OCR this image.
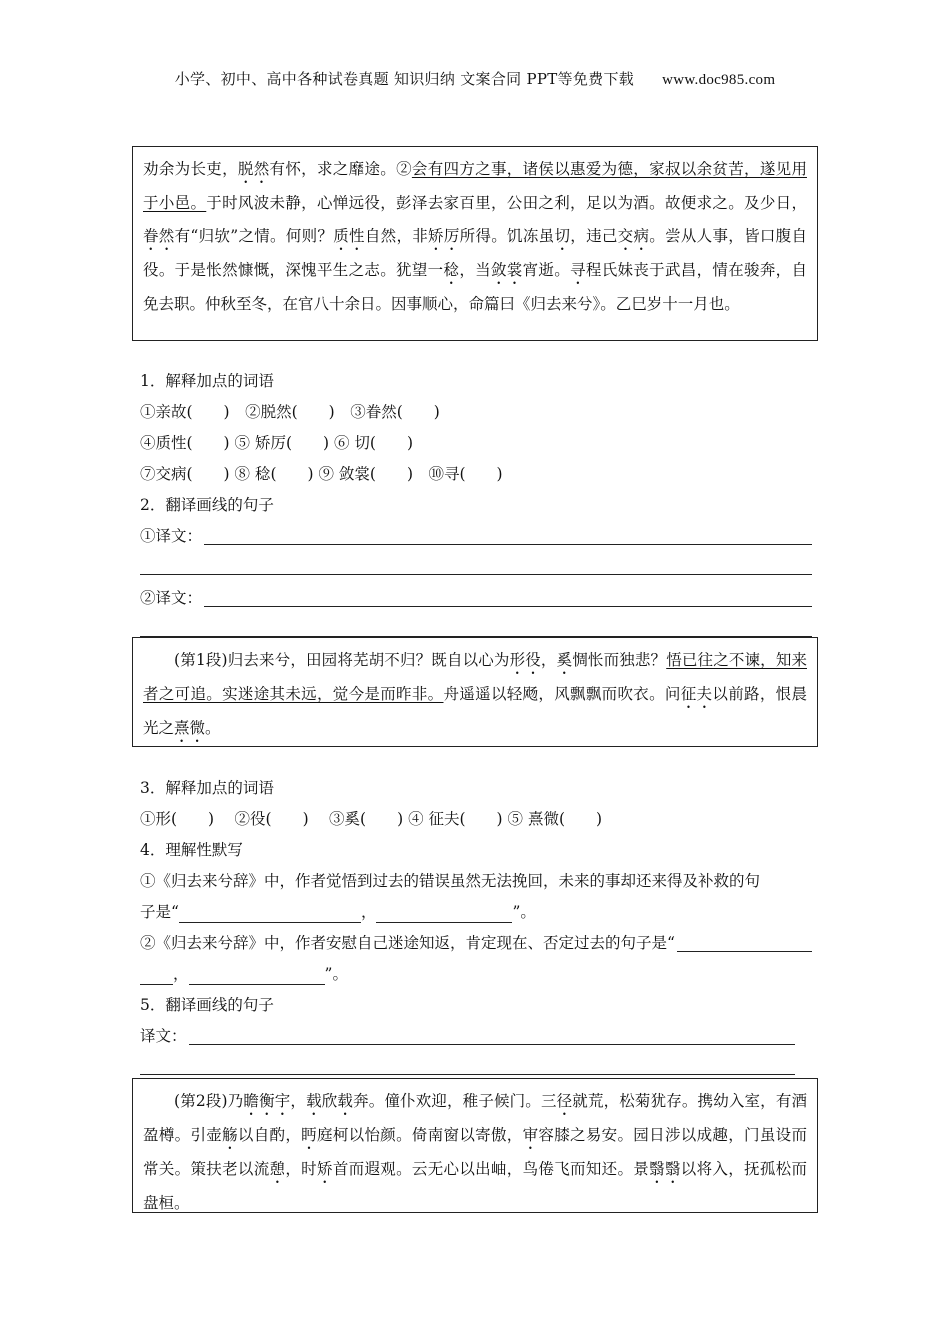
小学、初中、高中各种试卷真题 知识归纳 文案合同 PPT等免费下载 www.doc985.com

劝余为长吏，脱然有怀，求之靡途。②会有四方之事，诸侯以惠爱为德，家叔以余贫苦，遂见用于小邑。于时风波未静，心惮远役，彭泽去家百里，公田之利，足以为酒。故便求之。及少日，眷然有“归欤”之情。何则？质性自然，非矫厉所得。饥冻虽切，违己交病。尝从人事，皆口腹自役。于是怅然慷慨，深愧平生之志。犹望一稔，当敛裳宵逝。寻程氏妹丧于武昌，情在骏奔，自免去职。仲秋至冬，在官八十余日。因事顺心，命篇曰《归去来兮》。乙巳岁十一月也。

1．解释加点的词语
①亲故(　　)　②脱然(　　)　③眷然(　　)
④质性(　　) ⑤ 矫厉(　　) ⑥ 切(　　)
⑦交病(　　) ⑧ 稔(　　) ⑨ 敛裳(　　)　⑩寻(　　)
2．翻译画线的句子
①译文：
②译文：

(第1段)归去来兮，田园将芜胡不归？既自以心为形役，奚惆怅而独悲？悟已往之不谏，知来者之可追。实迷途其未远，觉今是而昨非。舟遥遥以轻飏，风飘飘而吹衣。问征夫以前路，恨晨光之熹微。

3．解释加点的词语
①形(　　)　 ②役(　　)　 ③奚(　　) ④ 征夫(　　) ⑤ 熹微(　　)
4．理解性默写
①《归去来兮辞》中，作者觉悟到过去的错误虽然无法挽回，未来的事却还来得及补救的句
子是“	，	”。
②《归去来兮辞》中，作者安慰自己迷途知返，肯定现在、否定过去的句子是“
，	”。
5．翻译画线的句子
译文：

(第2段)乃瞻衡宇，载欣载奔。僮仆欢迎，稚子候门。三径就荒，松菊犹存。携幼入室，有酒盈樽。引壶觞以自酌，眄庭柯以怡颜。倚南窗以寄傲，审容膝之易安。园日涉以成趣，门虽设而常关。策扶老以流憩，时矫首而遐观。云无心以出岫，鸟倦飞而知还。景翳翳以将入，抚孤松而盘桓。
